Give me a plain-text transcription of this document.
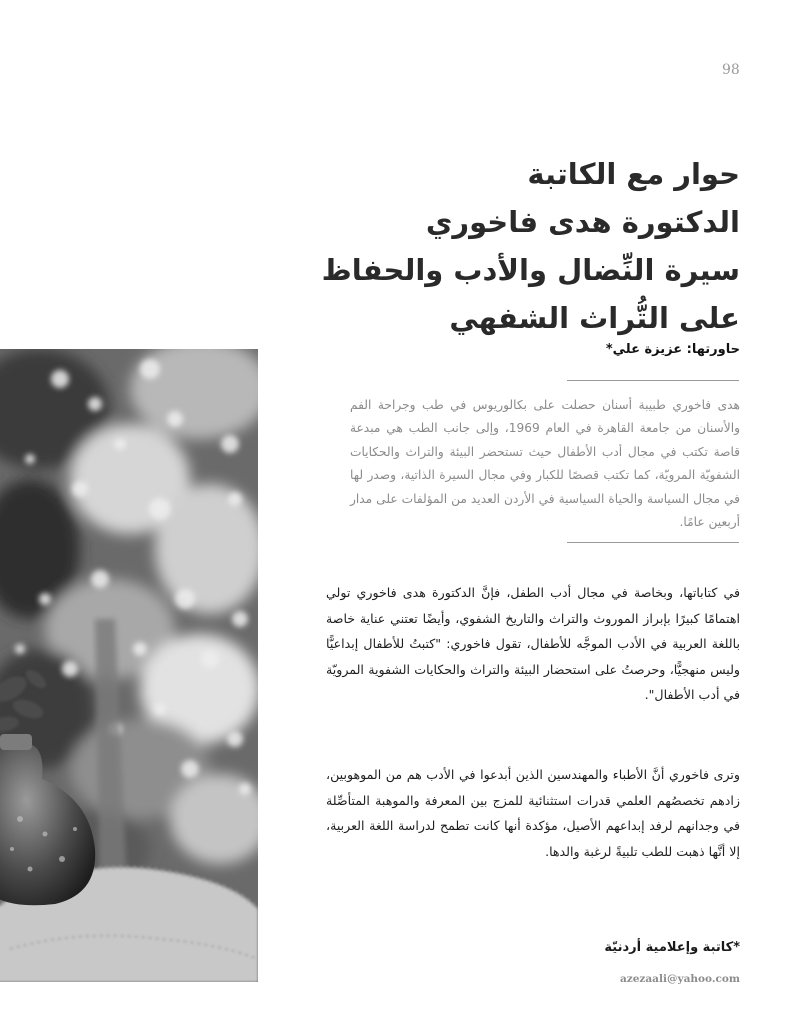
98
حوار مع الكاتبة
الدكتورة هدى فاخوري
سيرة النِّضال والأدب والحفاظ
على التُّراث الشفهي
حاورتها: عزيزة علي*
هدى فاخوري طبيبة أسنان حصلت على بكالوريوس في طب وجراحة الفم والأسنان من جامعة القاهرة في العام 1969، وإلى جانب الطب هي مبدعة قاصة تكتب في مجال أدب الأطفال حيث تستحضر البيئة والتراث والحكايات الشفويّة المرويّة، كما تكتب قصصًا للكبار وفي مجال السيرة الذاتية، وصدر لها في مجال السياسة والحياة السياسية في الأردن العديد من المؤلفات على مدار أربعين عامًا.
في كتاباتها، وبخاصة في مجال أدب الطفل، فإنَّ الدكتورة هدى فاخوري تولي اهتمامًا كبيرًا بإبراز الموروث والتراث والتاريخ الشفوي، وأيضًا تعتني عناية خاصة باللغة العربية في الأدب الموجَّه للأطفال، تقول فاخوري: "كتبتُ للأطفال إبداعيًّا وليس منهجيًّا، وحرصتُ على استحضار البيئة والتراث والحكايات الشفوية المرويّة في أدب الأطفال".
وترى فاخوري أنَّ الأطباء والمهندسين الذين أبدعوا في الأدب هم من الموهوبين، زادهم تخصصُهم العلمي قدرات استثنائية للمزج بين المعرفة والموهبة المتأصِّلة في وجدانهم لرفد إبداعهم الأصيل، مؤكدة أنها كانت تطمح لدراسة اللغة العربية، إلا أنَّها ذهبت للطب تلبيةً لرغبة والدها.
*كاتبة وإعلامية أردنيّة
azezaali@yahoo.com
